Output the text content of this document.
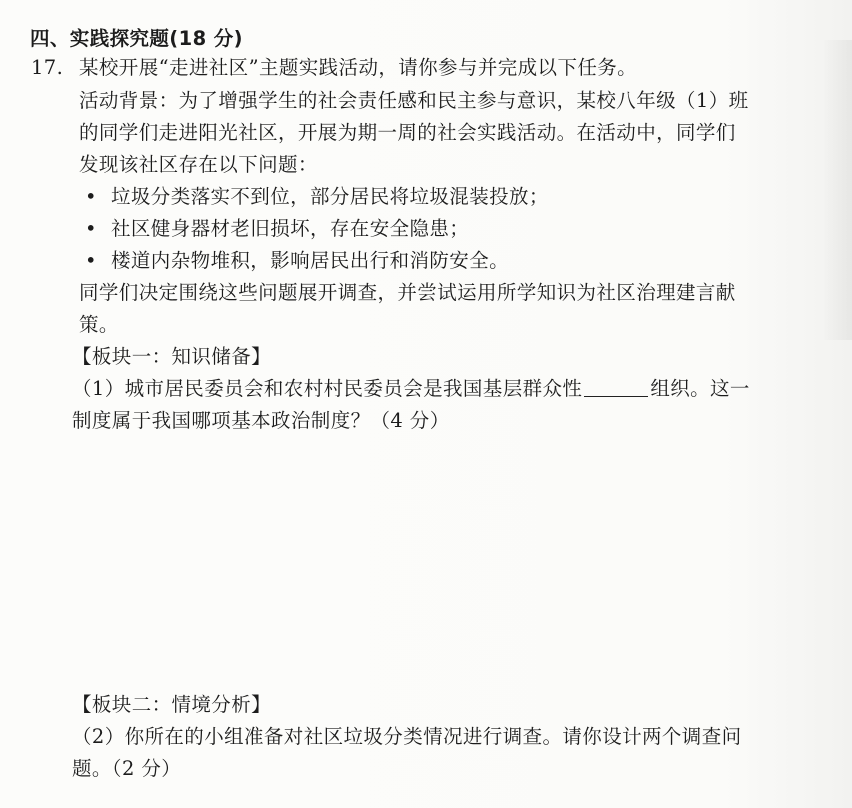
四、实践探究题(18 分)
17. 某校开展“走进社区”主题实践活动，请你参与并完成以下任务。
活动背景：为了增强学生的社会责任感和民主参与意识，某校八年级（1）班
的同学们走进阳光社区，开展为期一周的社会实践活动。在活动中，同学们
发现该社区存在以下问题：
• 垃圾分类落实不到位，部分居民将垃圾混装投放；
• 社区健身器材老旧损坏，存在安全隐患；
• 楼道内杂物堆积，影响居民出行和消防安全。
同学们决定围绕这些问题展开调查，并尝试运用所学知识为社区治理建言献
策。
【板块一：知识储备】
（1）城市居民委员会和农村村民委员会是我国基层群众性	组织。这一
制度属于我国哪项基本政治制度？（4 分）
【板块二：情境分析】
（2）你所在的小组准备对社区垃圾分类情况进行调查。请你设计两个调查问
题。（2 分）
